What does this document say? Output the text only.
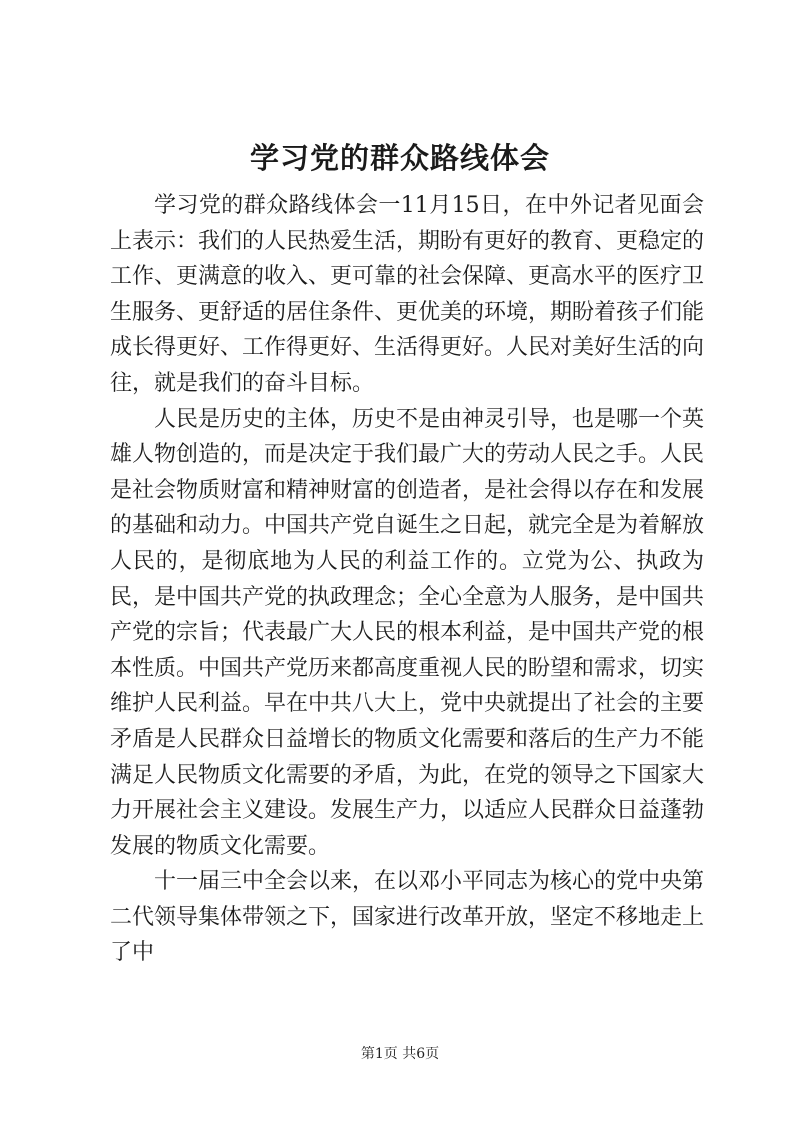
学习党的群众路线体会

学习党的群众路线体会一11月15日，在中外记者见面会上表示：我们的人民热爱生活，期盼有更好的教育、更稳定的工作、更满意的收入、更可靠的社会保障、更高水平的医疗卫生服务、更舒适的居住条件、更优美的环境，期盼着孩子们能成长得更好、工作得更好、生活得更好。人民对美好生活的向往，就是我们的奋斗目标。

人民是历史的主体，历史不是由神灵引导，也是哪一个英雄人物创造的，而是决定于我们最广大的劳动人民之手。人民是社会物质财富和精神财富的创造者，是社会得以存在和发展的基础和动力。中国共产党自诞生之日起，就完全是为着解放人民的，是彻底地为人民的利益工作的。立党为公、执政为民，是中国共产党的执政理念；全心全意为人服务，是中国共产党的宗旨；代表最广大人民的根本利益，是中国共产党的根本性质。中国共产党历来都高度重视人民的盼望和需求，切实维护人民利益。早在中共八大上，党中央就提出了社会的主要矛盾是人民群众日益增长的物质文化需要和落后的生产力不能满足人民物质文化需要的矛盾，为此，在党的领导之下国家大力开展社会主义建设。发展生产力，以适应人民群众日益蓬勃发展的物质文化需要。

十一届三中全会以来，在以邓小平同志为核心的党中央第二代领导集体带领之下，国家进行改革开放，坚定不移地走上了中

第1页 共6页
